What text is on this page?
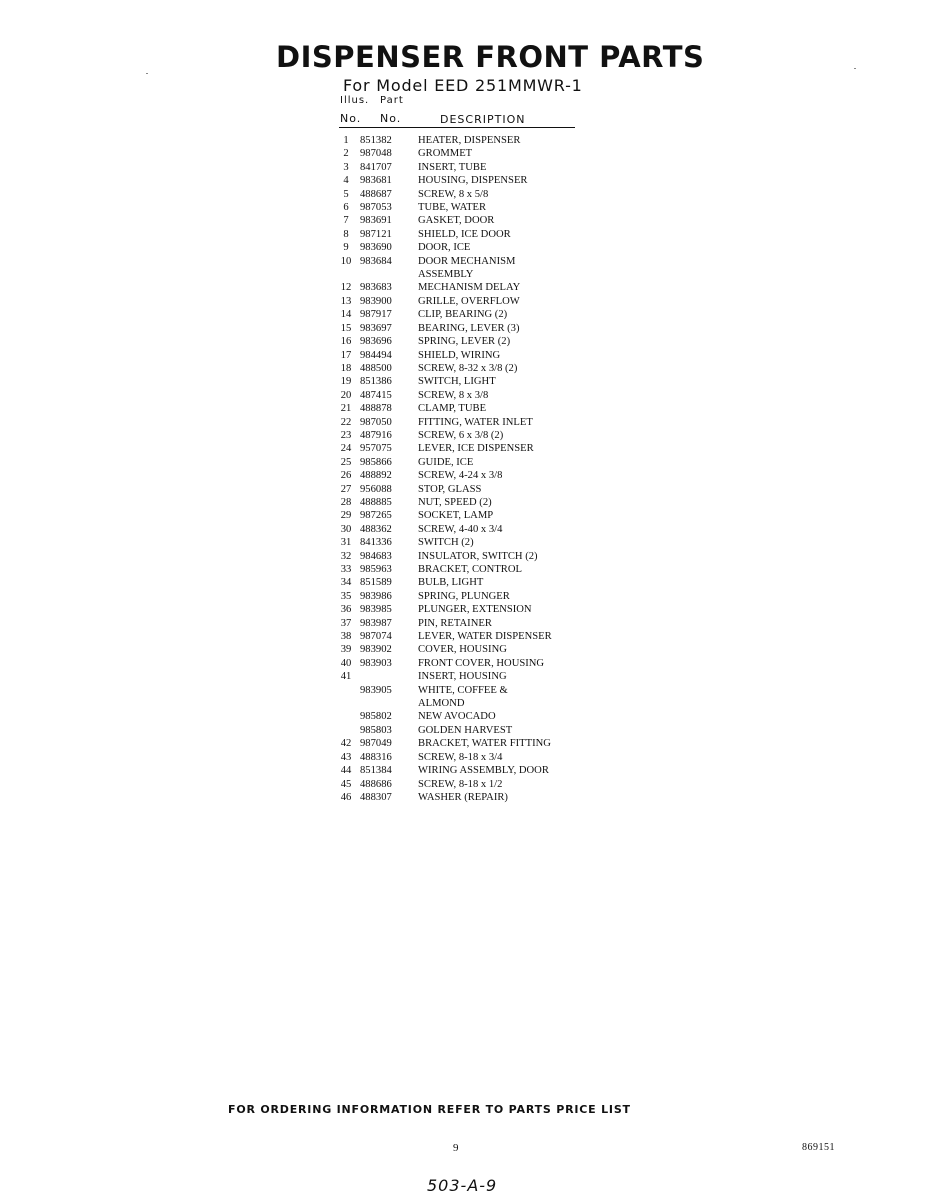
DISPENSER FRONT PARTS
For Model EED 251MMWR-1
Illus. Part
No. No.	DESCRIPTION
1	851382	HEATER, DISPENSER
2	987048	GROMMET
3	841707	INSERT, TUBE
4	983681	HOUSING, DISPENSER
5	488687	SCREW, 8 x 5/8
6	987053	TUBE, WATER
7	983691	GASKET, DOOR
8	987121	SHIELD, ICE DOOR
9	983690	DOOR, ICE
10	983684	DOOR MECHANISM
		ASSEMBLY
12	983683	MECHANISM DELAY
13	983900	GRILLE, OVERFLOW
14	987917	CLIP, BEARING (2)
15	983697	BEARING, LEVER (3)
16	983696	SPRING, LEVER (2)
17	984494	SHIELD, WIRING
18	488500	SCREW, 8-32 x 3/8 (2)
19	851386	SWITCH, LIGHT
20	487415	SCREW, 8 x 3/8
21	488878	CLAMP, TUBE
22	987050	FITTING, WATER INLET
23	487916	SCREW, 6 x 3/8 (2)
24	957075	LEVER, ICE DISPENSER
25	985866	GUIDE, ICE
26	488892	SCREW, 4-24 x 3/8
27	956088	STOP, GLASS
28	488885	NUT, SPEED (2)
29	987265	SOCKET, LAMP
30	488362	SCREW, 4-40 x 3/4
31	841336	SWITCH (2)
32	984683	INSULATOR, SWITCH (2)
33	985963	BRACKET, CONTROL
34	851589	BULB, LIGHT
35	983986	SPRING, PLUNGER
36	983985	PLUNGER, EXTENSION
37	983987	PIN, RETAINER
38	987074	LEVER, WATER DISPENSER
39	983902	COVER, HOUSING
40	983903	FRONT COVER, HOUSING
41		INSERT, HOUSING
	983905	WHITE, COFFEE &
		ALMOND
	985802	NEW AVOCADO
	985803	GOLDEN HARVEST
42	987049	BRACKET, WATER FITTING
43	488316	SCREW, 8-18 x 3/4
44	851384	WIRING ASSEMBLY, DOOR
45	488686	SCREW, 8-18 x 1/2
46	488307	WASHER (REPAIR)
FOR ORDERING INFORMATION REFER TO PARTS PRICE LIST
9	869151
503-A-9
